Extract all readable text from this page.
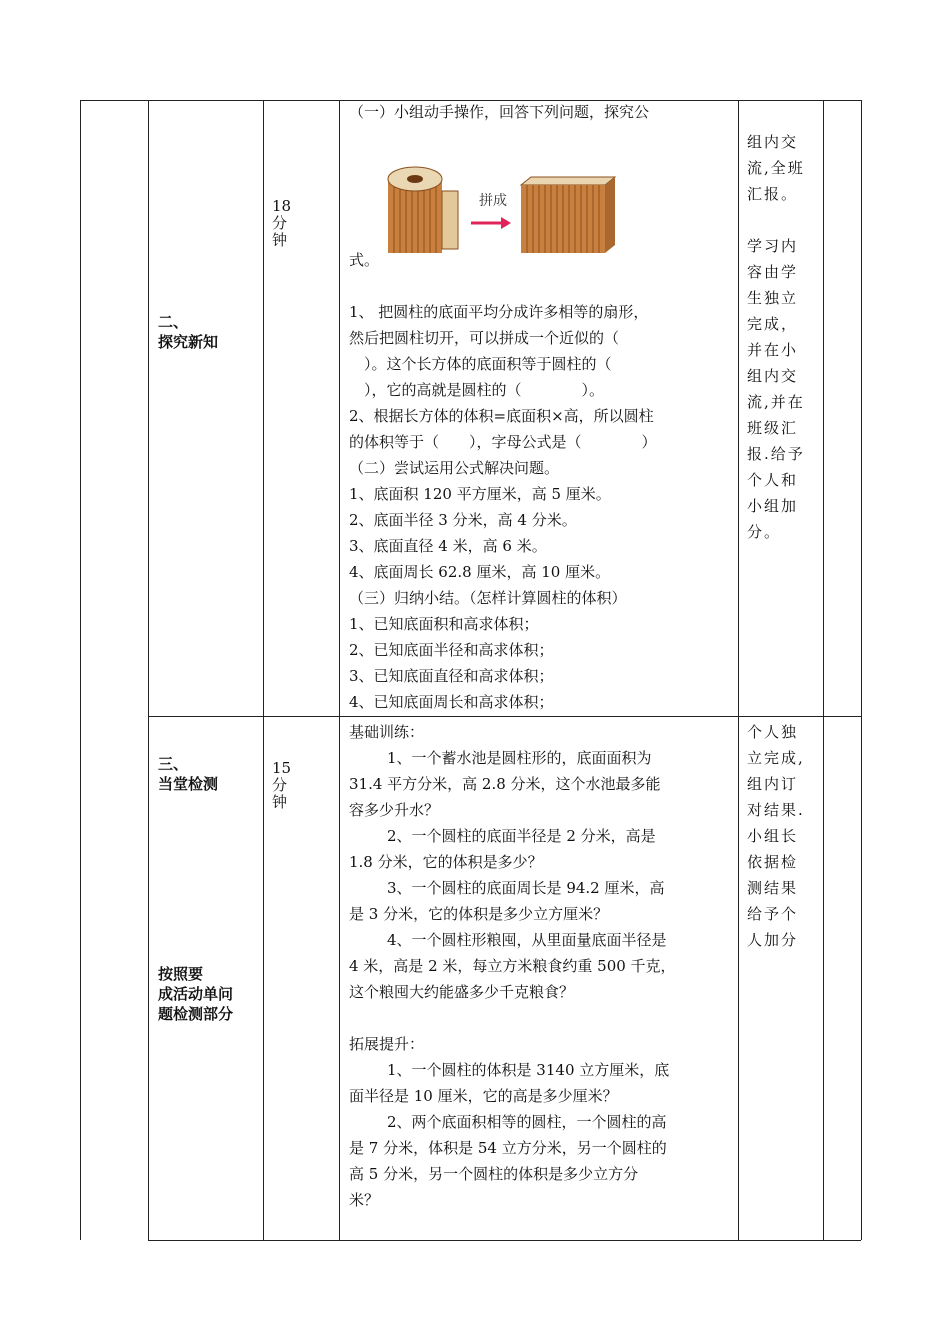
二、
探究新知
18
分
钟

（一）小组动手操作，回答下列问题，探究公

拼成

式。

1、 把圆柱的底面平均分成许多相等的扇形，

然后把圆柱切开，可以拼成一个近似的（

　）。这个长方体的底面积等于圆柱的（

　），它的高就是圆柱的（　　　　）。

2、根据长方体的体积=底面积×高，所以圆柱

的体积等于（　　），字母公式是（　　　　）

（二）尝试运用公式解决问题。

1、底面积 120 平方厘米，高 5 厘米。

2、底面半径 3 分米，高 4 分米。

3、底面直径 4 米，高 6 米。

4、底面周长 62.8 厘米，高 10 厘米。

（三）归纳小结。（怎样计算圆柱的体积）

1、已知底面积和高求体积；

2、已知底面半径和高求体积；

3、已知底面直径和高求体积；

4、已知底面周长和高求体积；

组内交

流,全班

汇报。

学习内

容由学

生独立

完成，

并在小

组内交

流,并在

班级汇

报.给予

个人和

小组加

分。

三、
当堂检测
按照要
成活动单问
题检测部分
15
分
钟

基础训练：

1、一个蓄水池是圆柱形的，底面面积为

31.4 平方分米，高 2.8 分米，这个水池最多能

容多少升水？

2、一个圆柱的底面半径是 2 分米，高是

1.8 分米，它的体积是多少？

3、一个圆柱的底面周长是 94.2 厘米，高

是 3 分米，它的体积是多少立方厘米？

4、一个圆柱形粮囤，从里面量底面半径是

4 米，高是 2 米，每立方米粮食约重 500 千克，

这个粮囤大约能盛多少千克粮食？

拓展提升：

1、一个圆柱的体积是 3140 立方厘米，底

面半径是 10 厘米，它的高是多少厘米？

2、两个底面积相等的圆柱，一个圆柱的高

是 7 分米，体积是 54 立方分米，另一个圆柱的

高 5 分米，另一个圆柱的体积是多少立方分

米？

个人独

立完成,

组内订

对结果.

小组长

依据检

测结果

给予个

人加分
